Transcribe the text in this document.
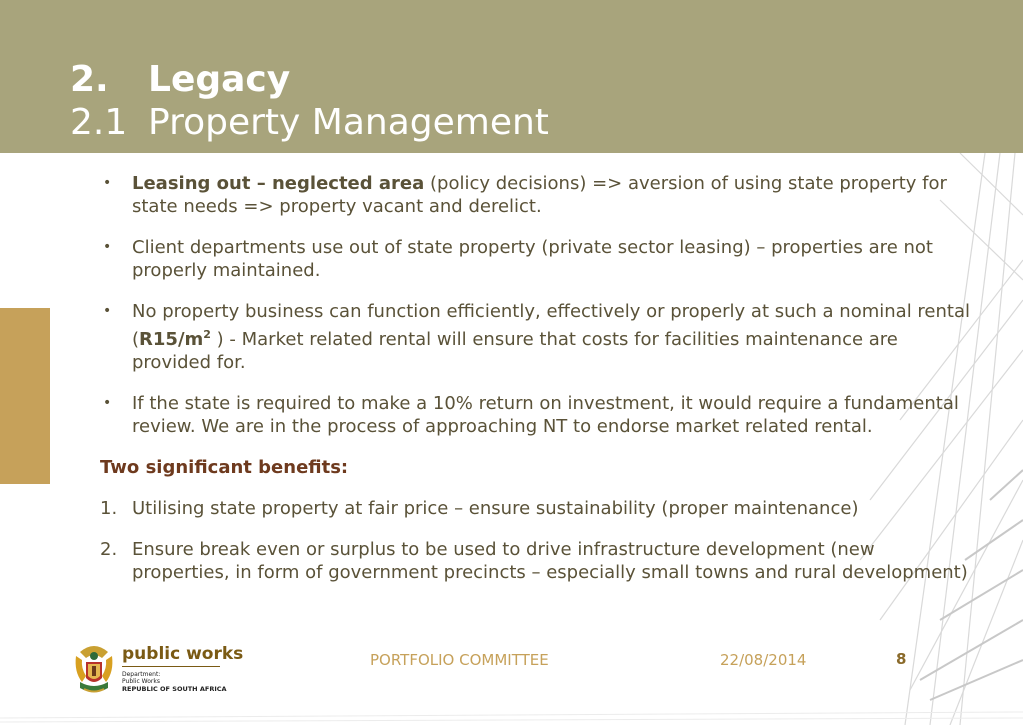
2. Legacy
2.1 Property Management
•	Leasing out – neglected area (policy decisions) => aversion of using state property for state needs => property vacant and derelict.
•	Client departments use out of state property (private sector leasing) – properties are not properly maintained.
•	No property business can function efficiently, effectively or properly at such a nominal rental ($R15/m^2$ ) - Market related rental will ensure that costs for facilities maintenance are provided for.
•	If the state is required to make a 10% return on investment, it would require a fundamental review. We are in the process of approaching NT to endorse market related rental.
Two significant benefits:
1. Utilising state property at fair price – ensure sustainability (proper maintenance)
2. Ensure break even or surplus to be used to drive infrastructure development (new properties, in form of government precincts – especially small towns and rural development)
public works
Department:
Public Works
REPUBLIC OF SOUTH AFRICA
PORTFOLIO COMMITTEE	22/08/2014	8
